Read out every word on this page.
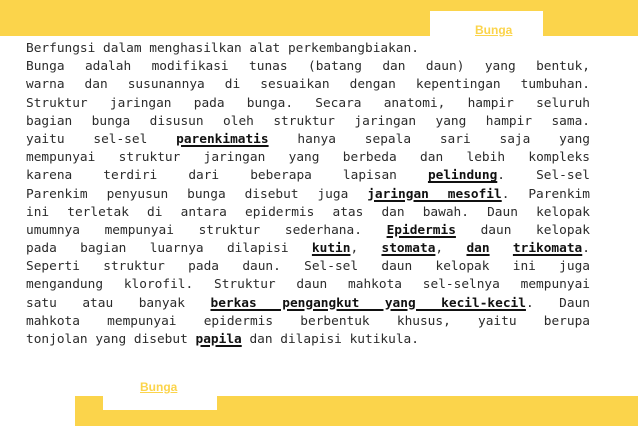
Bunga
Berfungsi dalam menghasilkan alat perkembangbiakan.
Bunga adalah modifikasi tunas (batang dan daun) yang bentuk,
warna dan susunannya di sesuaikan dengan kepentingan tumbuhan.
Struktur jaringan pada bunga. Secara anatomi, hampir seluruh
bagian bunga disusun oleh struktur jaringan yang hampir sama.
yaitu sel-sel parenkimatis hanya sepala sari saja yang
mempunyai struktur jaringan yang berbeda dan lebih kompleks
karena terdiri dari beberapa lapisan pelindung. Sel-sel
Parenkim penyusun bunga disebut juga jaringan mesofil. Parenkim
ini terletak di antara epidermis atas dan bawah. Daun kelopak
umumnya mempunyai struktur sederhana. Epidermis daun kelopak
pada bagian luarnya dilapisi kutin, stomata, dan trikomata.
Seperti struktur pada daun. Sel-sel daun kelopak ini juga
mengandung klorofil. Struktur daun mahkota sel-selnya mempunyai
satu atau banyak berkas pengangkut yang kecil-kecil. Daun
mahkota mempunyai epidermis berbentuk khusus, yaitu berupa
tonjolan yang disebut papila dan dilapisi kutikula.
Bunga
